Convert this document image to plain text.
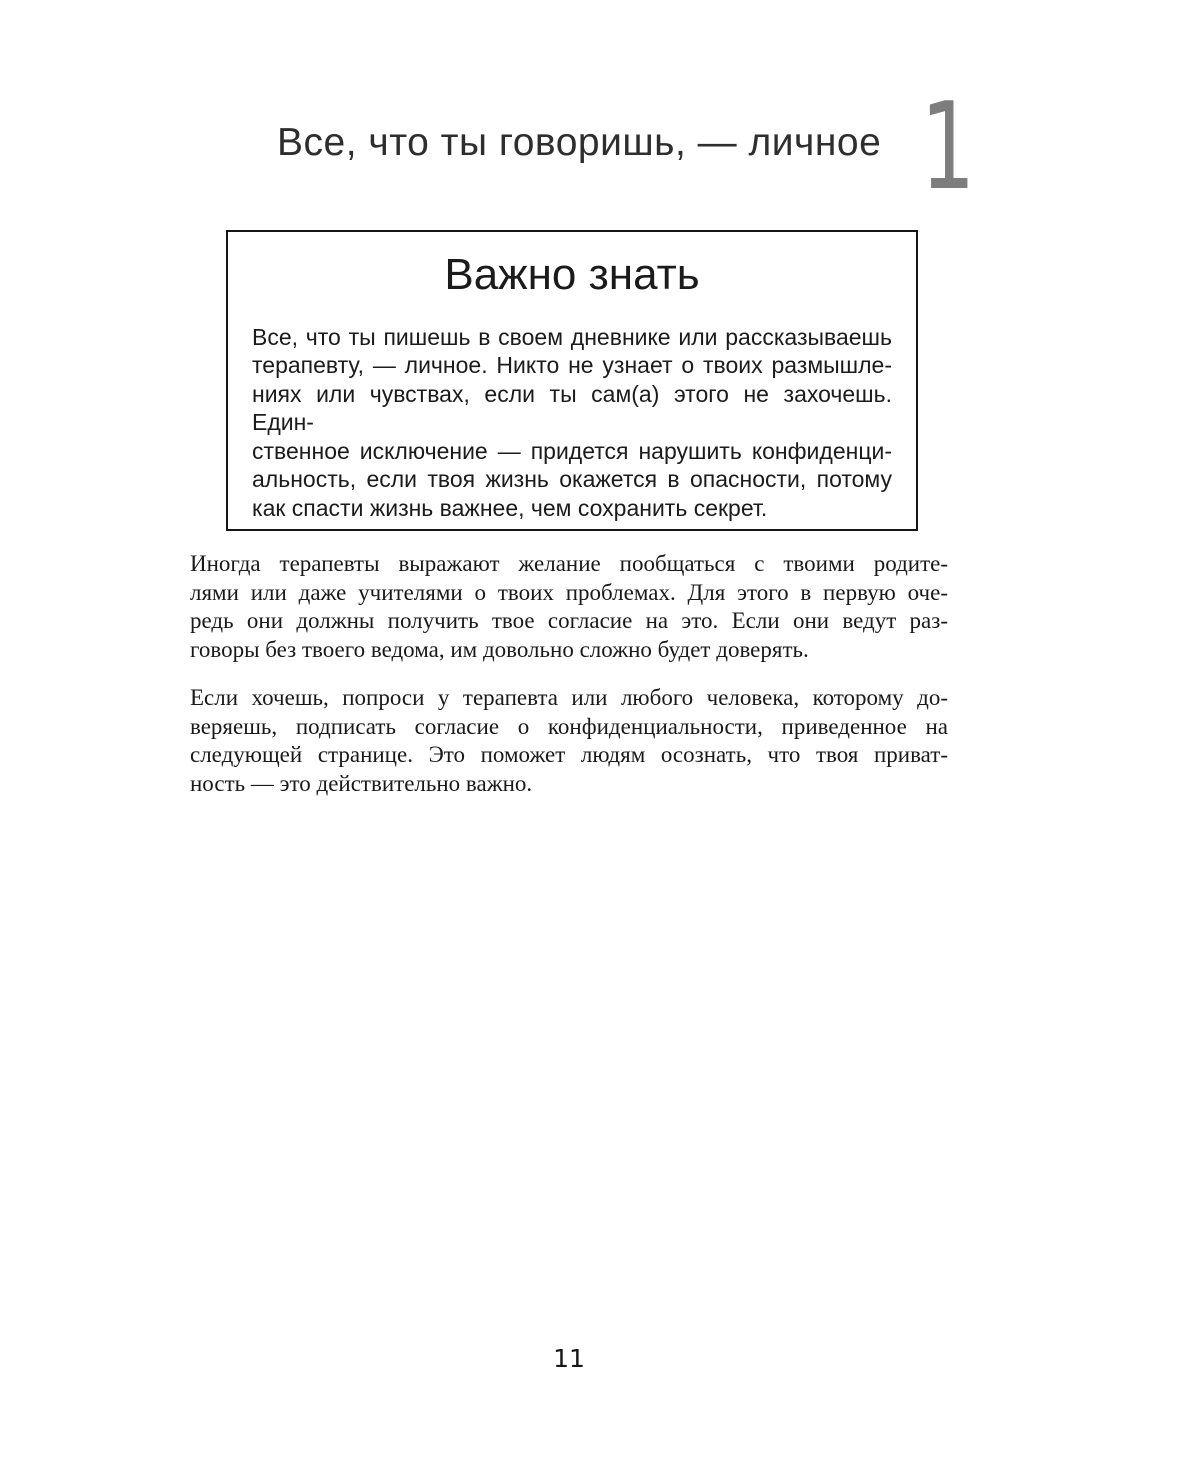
Все, что ты говоришь, — личное 1
Важно знать
Все, что ты пишешь в своем дневнике или рассказываешь
терапевту, — личное. Никто не узнает о твоих размышле-
ниях или чувствах, если ты сам(а) этого не захочешь. Един-
ственное исключение — придется нарушить конфиденци-
альность, если твоя жизнь окажется в опасности, потому
как спасти жизнь важнее, чем сохранить секрет.
Иногда терапевты выражают желание пообщаться с твоими родите-
лями или даже учителями о твоих проблемах. Для этого в первую оче-
редь они должны получить твое согласие на это. Если они ведут раз-
говоры без твоего ведома, им довольно сложно будет доверять.
Если хочешь, попроси у терапевта или любого человека, которому до-
веряешь, подписать согласие о конфиденциальности, приведенное на
следующей странице. Это поможет людям осознать, что твоя приват-
ность — это действительно важно.
11
